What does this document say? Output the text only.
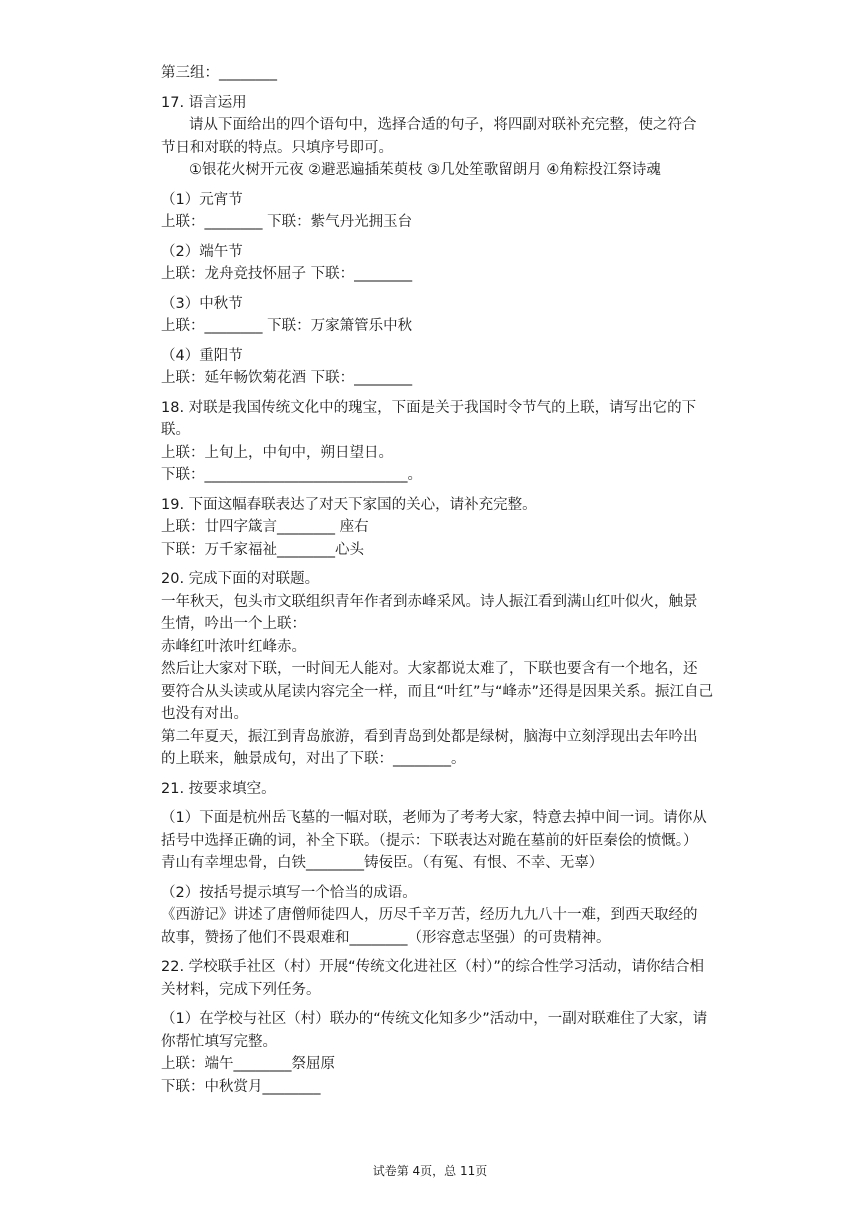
第三组：________
17. 语言运用
请从下面给出的四个语句中，选择合适的句子，将四副对联补充完整，使之符合
节日和对联的特点。只填序号即可。
①银花火树开元夜 ②避恶遍插茱萸枝 ③几处笙歌留朗月 ④角粽投江祭诗魂
（1）元宵节
上联：________ 下联：紫气丹光拥玉台
（2）端午节
上联：龙舟竞技怀屈子 下联：________
（3）中秋节
上联：________ 下联：万家箫管乐中秋
（4）重阳节
上联：延年畅饮菊花酒 下联：________
18. 对联是我国传统文化中的瑰宝，下面是关于我国时令节气的上联，请写出它的下
联。
上联：上旬上，中旬中，朔日望日。
下联：____________________________。
19. 下面这幅春联表达了对天下家国的关心，请补充完整。
上联：廿四字箴言________ 座右
下联：万千家福祉________心头
20. 完成下面的对联题。
一年秋天，包头市文联组织青年作者到赤峰采风。诗人振江看到满山红叶似火，触景
生情，吟出一个上联：
赤峰红叶浓叶红峰赤。
然后让大家对下联，一时间无人能对。大家都说太难了，下联也要含有一个地名，还
要符合从头读或从尾读内容完全一样，而且“叶红”与“峰赤”还得是因果关系。振江自己
也没有对出。
第二年夏天，振江到青岛旅游，看到青岛到处都是绿树，脑海中立刻浮现出去年吟出
的上联来，触景成句，对出了下联：________。
21. 按要求填空。
（1）下面是杭州岳飞墓的一幅对联，老师为了考考大家，特意去掉中间一词。请你从
括号中选择正确的词，补全下联。（提示：下联表达对跪在墓前的奸臣秦侩的愤慨。）
青山有幸埋忠骨，白铁________铸佞臣。（有冤、有恨、不幸、无辜）
（2）按括号提示填写一个恰当的成语。
《西游记》讲述了唐僧师徒四人，历尽千辛万苦，经历九九八十一难，到西天取经的
故事，赞扬了他们不畏艰难和________（形容意志坚强）的可贵精神。
22. 学校联手社区（村）开展“传统文化进社区（村）”的综合性学习活动，请你结合相
关材料，完成下列任务。
（1）在学校与社区（村）联办的“传统文化知多少”活动中，一副对联难住了大家，请
你帮忙填写完整。
上联：端午________祭屈原
下联：中秋赏月________
试卷第 4页，总 11页
